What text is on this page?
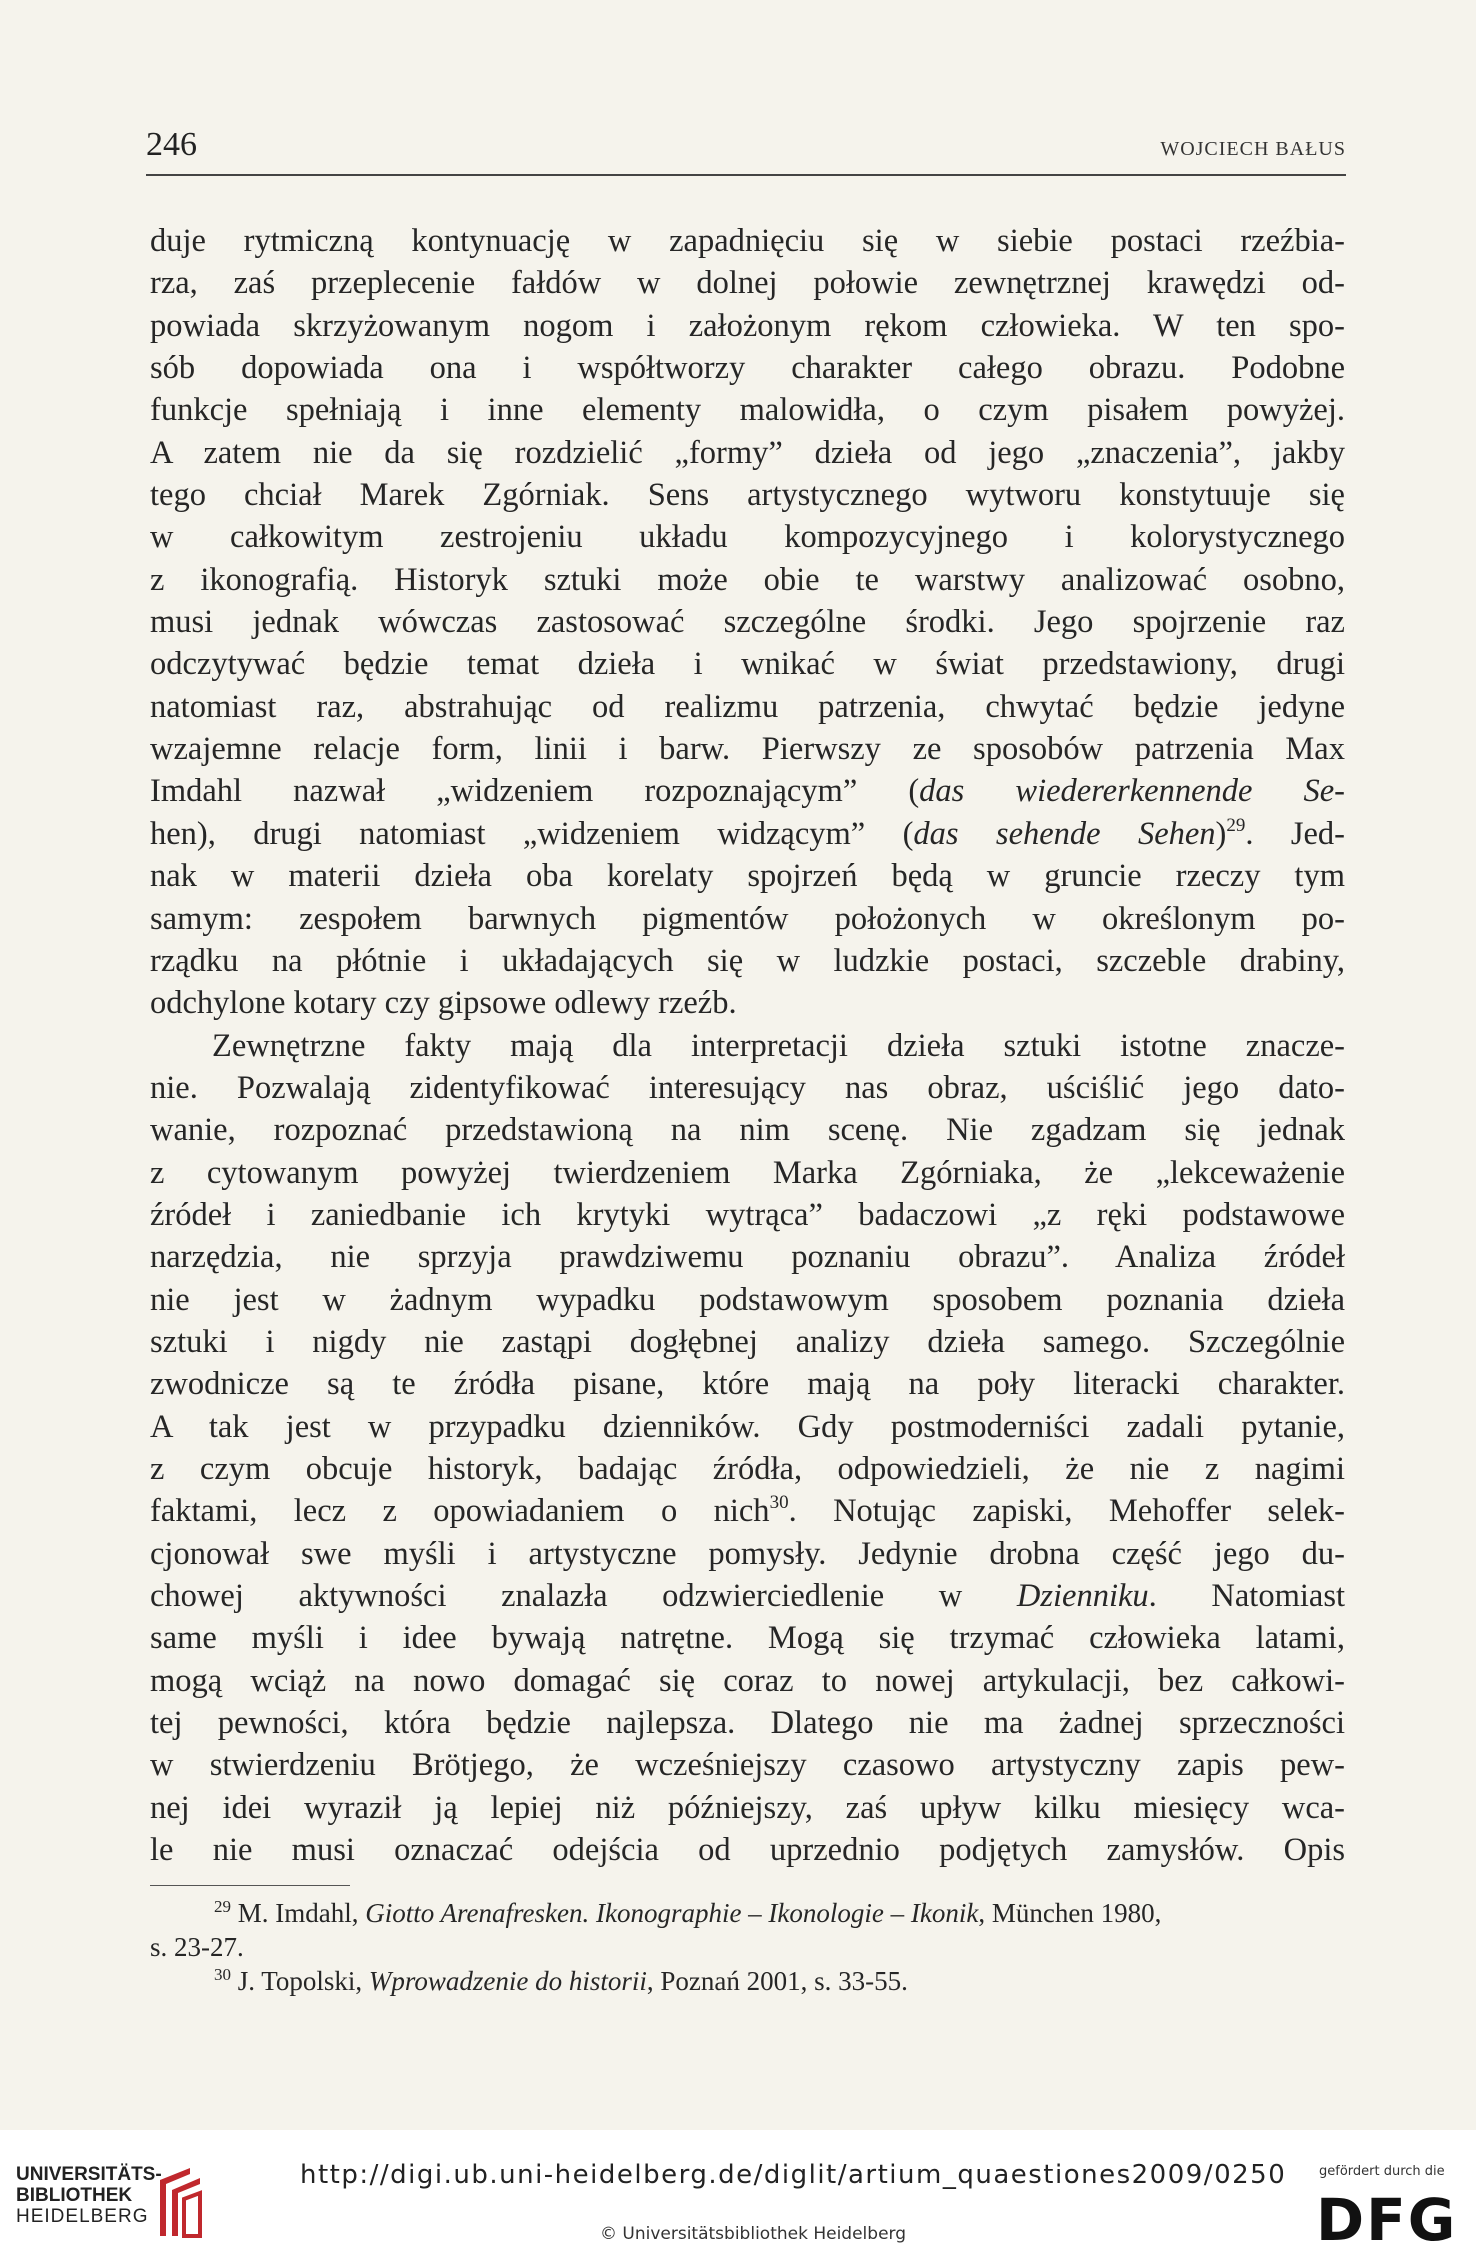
246	WOJCIECH BAŁUS
duje rytmiczną kontynuację w zapadnięciu się w siebie postaci rzeźbia-
rza, zaś przeplecenie fałdów w dolnej połowie zewnętrznej krawędzi od-
powiada skrzyżowanym nogom i założonym rękom człowieka. W ten spo-
sób dopowiada ona i współtworzy charakter całego obrazu. Podobne
funkcje spełniają i inne elementy malowidła, o czym pisałem powyżej.
A zatem nie da się rozdzielić „formy” dzieła od jego „znaczenia”, jakby
tego chciał Marek Zgórniak. Sens artystycznego wytworu konstytuuje się
w całkowitym zestrojeniu układu kompozycyjnego i kolorystycznego
z ikonografią. Historyk sztuki może obie te warstwy analizować osobno,
musi jednak wówczas zastosować szczególne środki. Jego spojrzenie raz
odczytywać będzie temat dzieła i wnikać w świat przedstawiony, drugi
natomiast raz, abstrahując od realizmu patrzenia, chwytać będzie jedyne
wzajemne relacje form, linii i barw. Pierwszy ze sposobów patrzenia Max
Imdahl nazwał „widzeniem rozpoznającym” (das wiedererkennende Se-
hen), drugi natomiast „widzeniem widzącym” (das sehende Sehen)$^{29}$. Jed-
nak w materii dzieła oba korelaty spojrzeń będą w gruncie rzeczy tym
samym: zespołem barwnych pigmentów położonych w określonym po-
rządku na płótnie i układających się w ludzkie postaci, szczeble drabiny,
odchylone kotary czy gipsowe odlewy rzeźb.
Zewnętrzne fakty mają dla interpretacji dzieła sztuki istotne znacze-
nie. Pozwalają zidentyfikować interesujący nas obraz, uściślić jego dato-
wanie, rozpoznać przedstawioną na nim scenę. Nie zgadzam się jednak
z cytowanym powyżej twierdzeniem Marka Zgórniaka, że „lekceważenie
źródeł i zaniedbanie ich krytyki wytrąca” badaczowi „z ręki podstawowe
narzędzia, nie sprzyja prawdziwemu poznaniu obrazu”. Analiza źródeł
nie jest w żadnym wypadku podstawowym sposobem poznania dzieła
sztuki i nigdy nie zastąpi dogłębnej analizy dzieła samego. Szczególnie
zwodnicze są te źródła pisane, które mają na poły literacki charakter.
A tak jest w przypadku dzienników. Gdy postmoderniści zadali pytanie,
z czym obcuje historyk, badając źródła, odpowiedzieli, że nie z nagimi
faktami, lecz z opowiadaniem o nich$^{30}$. Notując zapiski, Mehoffer selek-
cjonował swe myśli i artystyczne pomysły. Jedynie drobna część jego du-
chowej aktywności znalazła odzwierciedlenie w Dzienniku. Natomiast
same myśli i idee bywają natrętne. Mogą się trzymać człowieka latami,
mogą wciąż na nowo domagać się coraz to nowej artykulacji, bez całkowi-
tej pewności, która będzie najlepsza. Dlatego nie ma żadnej sprzeczności
w stwierdzeniu Brötjego, że wcześniejszy czasowo artystyczny zapis pew-
nej idei wyraził ją lepiej niż późniejszy, zaś upływ kilku miesięcy wca-
le nie musi oznaczać odejścia od uprzednio podjętych zamysłów. Opis
$^{29}$ M. Imdahl, Giotto Arenafresken. Ikonographie – Ikonologie – Ikonik, München 1980,
s. 23-27.
$^{30}$ J. Topolski, Wprowadzenie do historii, Poznań 2001, s. 33-55.
UNIVERSITÄTS-
BIBLIOTHEK
HEIDELBERG
http://digi.ub.uni-heidelberg.de/diglit/artium_quaestiones2009/0250
© Universitätsbibliothek Heidelberg
gefördert durch die
DFG
